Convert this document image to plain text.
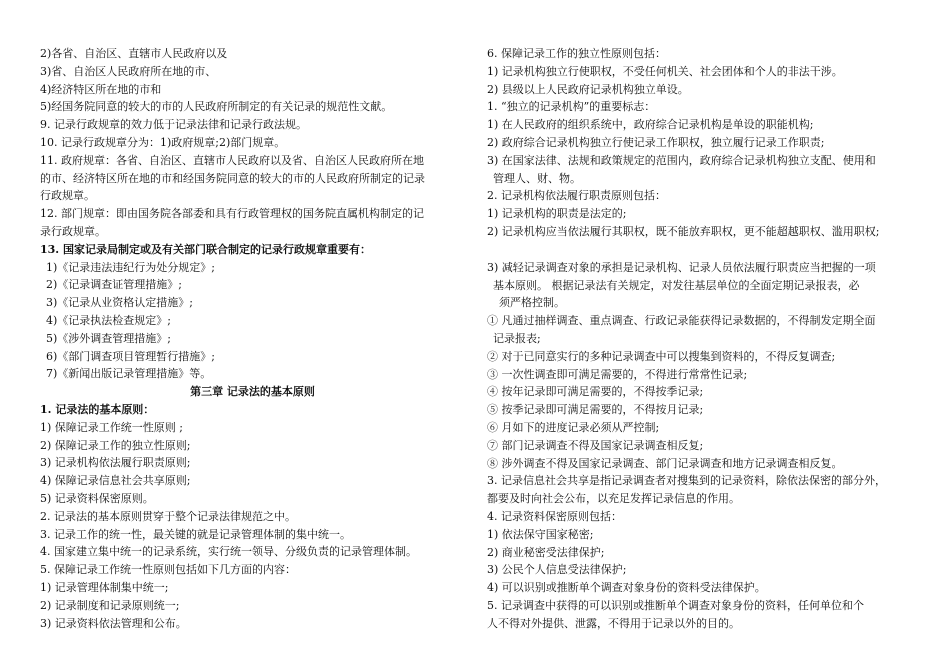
2)各省、自治区、直辖市人民政府以及
3)省、自治区人民政府所在地的市、
4)经济特区所在地的市和
5)经国务院同意的较大的市的人民政府所制定的有关记录的规范性文献。
9. 记录行政规章的效力低于记录法律和记录行政法规。
10. 记录行政规章分为：1)政府规章;2)部门规章。
11. 政府规章：各省、自治区、直辖市人民政府以及省、自治区人民政府所在地
的市、经济特区所在地的市和经国务院同意的较大的市的人民政府所制定的记录
行政规章。
12. 部门规章：即由国务院各部委和具有行政管理权的国务院直属机构制定的记
录行政规章。
13. 国家记录局制定或及有关部门联合制定的记录行政规章重要有：
1)《记录违法违纪行为处分规定》;
2)《记录调查证管理措施》;
3)《记录从业资格认定措施》;
4)《记录执法检查规定》;
5)《涉外调查管理措施》;
6)《部门调查项目管理暂行措施》;
7)《新闻出版记录管理措施》等。
第三章 记录法的基本原则
1. 记录法的基本原则：
1) 保障记录工作统一性原则 ;
2) 保障记录工作的独立性原则;
3) 记录机构依法履行职责原则;
4) 保障记录信息社会共享原则;
5) 记录资料保密原则。
2. 记录法的基本原则贯穿于整个记录法律规范之中。
3. 记录工作的统一性，最关键的就是记录管理体制的集中统一。
4. 国家建立集中统一的记录系统，实行统一领导、分级负责的记录管理体制。
5. 保障记录工作统一性原则包括如下几方面的内容：
1) 记录管理体制集中统一;
2) 记录制度和记录原则统一;
3) 记录资料依法管理和公布。
6. 保障记录工作的独立性原则包括：
1) 记录机构独立行使职权，不受任何机关、社会团体和个人的非法干涉。
2) 县级以上人民政府记录机构独立单设。
1. “独立的记录机构”的重要标志：
1) 在人民政府的组织系统中，政府综合记录机构是单设的职能机构;
2) 政府综合记录机构独立行使记录工作职权，独立履行记录工作职责;
3) 在国家法律、法规和政策规定的范围内，政府综合记录机构独立支配、使用和
管理人、财、物。
2. 记录机构依法履行职责原则包括：
1) 记录机构的职责是法定的;
2) 记录机构应当依法履行其职权，既不能放弃职权，更不能超越职权、滥用职权;
3) 减轻记录调查对象的承担是记录机构、记录人员依法履行职责应当把握的一项
基本原则。 根据记录法有关规定，对发往基层单位的全面定期记录报表，必
须严格控制。
① 凡通过抽样调查、重点调查、行政记录能获得记录数据的，不得制发定期全面
记录报表;
② 对于已同意实行的多种记录调查中可以搜集到资料的，不得反复调查;
③ 一次性调查即可满足需要的，不得进行常常性记录;
④ 按年记录即可满足需要的，不得按季记录;
⑤ 按季记录即可满足需要的，不得按月记录;
⑥ 月如下的进度记录必须从严控制;
⑦ 部门记录调查不得及国家记录调查相反复;
⑧ 涉外调查不得及国家记录调查、部门记录调查和地方记录调查相反复。
3. 记录信息社会共享是指记录调查者对搜集到的记录资料，除依法保密的部分外，
都要及时向社会公布，以充足发挥记录信息的作用。
4. 记录资料保密原则包括：
1) 依法保守国家秘密;
2) 商业秘密受法律保护;
3) 公民个人信息受法律保护;
4) 可以识别或推断单个调查对象身份的资料受法律保护。
5. 记录调查中获得的可以识别或推断单个调查对象身份的资料，任何单位和个
人不得对外提供、泄露，不得用于记录以外的目的。
